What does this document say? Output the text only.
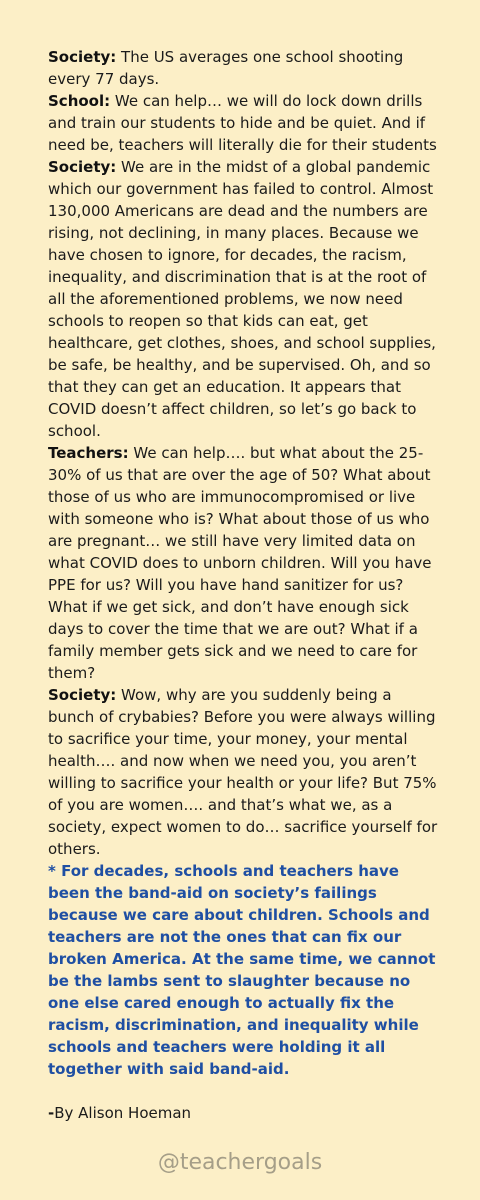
Society: The US averages one school shooting every 77 days.

School: We can help… we will do lock down drills and train our students to hide and be quiet. And if need be, teachers will literally die for their students

Society: We are in the midst of a global pandemic which our government has failed to control. Almost 130,000 Americans are dead and the numbers are rising, not declining, in many places. Because we have chosen to ignore, for decades, the racism, inequality, and discrimination that is at the root of all the aforementioned problems, we now need schools to reopen so that kids can eat, get healthcare, get clothes, shoes, and school supplies, be safe, be healthy, and be supervised. Oh, and so that they can get an education. It appears that COVID doesn’t affect children, so let’s go back to school.

Teachers: We can help…. but what about the 25-30% of us that are over the age of 50? What about those of us who are immunocompromised or live with someone who is? What about those of us who are pregnant… we still have very limited data on what COVID does to unborn children. Will you have PPE for us? Will you have hand sanitizer for us? What if we get sick, and don’t have enough sick days to cover the time that we are out? What if a family member gets sick and we need to care for them?

Society: Wow, why are you suddenly being a bunch of crybabies? Before you were always willing to sacrifice your time, your money, your mental health…. and now when we need you, you aren’t willing to sacrifice your health or your life? But 75% of you are women…. and that’s what we, as a society, expect women to do… sacrifice yourself for others.

* For decades, schools and teachers have been the band-aid on society’s failings because we care about children. Schools and teachers are not the ones that can fix our broken America. At the same time, we cannot be the lambs sent to slaughter because no one else cared enough to actually fix the racism, discrimination, and inequality while schools and teachers were holding it all together with said band-aid.

-By Alison Hoeman

@teachergoals
